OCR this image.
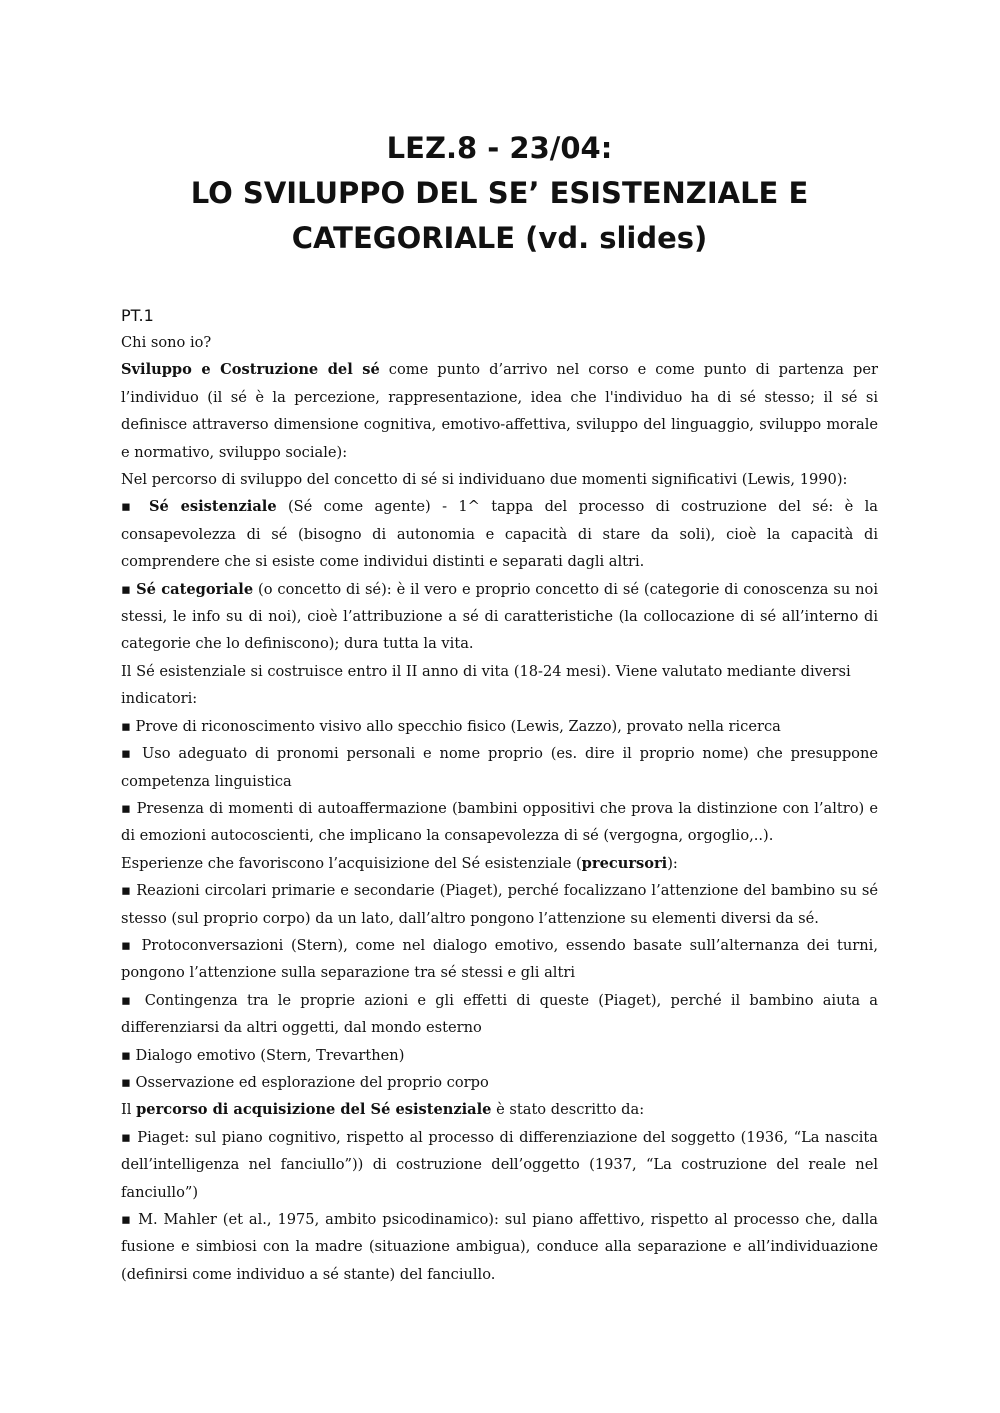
LEZ.8 - 23/04:
LO SVILUPPO DEL SE’ ESISTENZIALE E
CATEGORIALE (vd. slides)
PT.1

Chi sono io?

Sviluppo e Costruzione del sé come punto d’arrivo nel corso e come punto di partenza per l’individuo (il sé è la percezione, rappresentazione, idea che l'individuo ha di sé stesso; il sé si definisce attraverso dimensione cognitiva, emotivo-affettiva, sviluppo del linguaggio, sviluppo morale e normativo, sviluppo sociale):

Nel percorso di sviluppo del concetto di sé si individuano due momenti significativi (Lewis, 1990):

▪ Sé esistenziale (Sé come agente) - 1^ tappa del processo di costruzione del sé: è la consapevolezza di sé (bisogno di autonomia e capacità di stare da soli), cioè la capacità di comprendere che si esiste come individui distinti e separati dagli altri.

▪ Sé categoriale (o concetto di sé): è il vero e proprio concetto di sé (categorie di conoscenza su noi stessi, le info su di noi), cioè l’attribuzione a sé di caratteristiche (la collocazione di sé all’interno di categorie che lo definiscono); dura tutta la vita.

Il Sé esistenziale si costruisce entro il II anno di vita (18-24 mesi). Viene valutato mediante diversi indicatori:

▪ Prove di riconoscimento visivo allo specchio fisico (Lewis, Zazzo), provato nella ricerca

▪ Uso adeguato di pronomi personali e nome proprio (es. dire il proprio nome) che presuppone competenza linguistica

▪ Presenza di momenti di autoaffermazione (bambini oppositivi che prova la distinzione con l’altro) e di emozioni autocoscienti, che implicano la consapevolezza di sé (vergogna, orgoglio,..).

Esperienze che favoriscono l’acquisizione del Sé esistenziale (precursori):

▪ Reazioni circolari primarie e secondarie (Piaget), perché focalizzano l’attenzione del bambino su sé stesso (sul proprio corpo) da un lato, dall’altro pongono l’attenzione su elementi diversi da sé.

▪ Protoconversazioni (Stern), come nel dialogo emotivo, essendo basate sull’alternanza dei turni, pongono l’attenzione sulla separazione tra sé stessi e gli altri

▪ Contingenza tra le proprie azioni e gli effetti di queste (Piaget), perché il bambino aiuta a differenziarsi da altri oggetti, dal mondo esterno

▪ Dialogo emotivo (Stern, Trevarthen)

▪ Osservazione ed esplorazione del proprio corpo

Il percorso di acquisizione del Sé esistenziale è stato descritto da:

▪ Piaget: sul piano cognitivo, rispetto al processo di differenziazione del soggetto (1936, “La nascita dell’intelligenza nel fanciullo”)) di costruzione dell’oggetto (1937, “La costruzione del reale nel fanciullo”)

▪ M. Mahler (et al., 1975, ambito psicodinamico): sul piano affettivo, rispetto al processo che, dalla fusione e simbiosi con la madre (situazione ambigua), conduce alla separazione e all’individuazione (definirsi come individuo a sé stante) del fanciullo.
